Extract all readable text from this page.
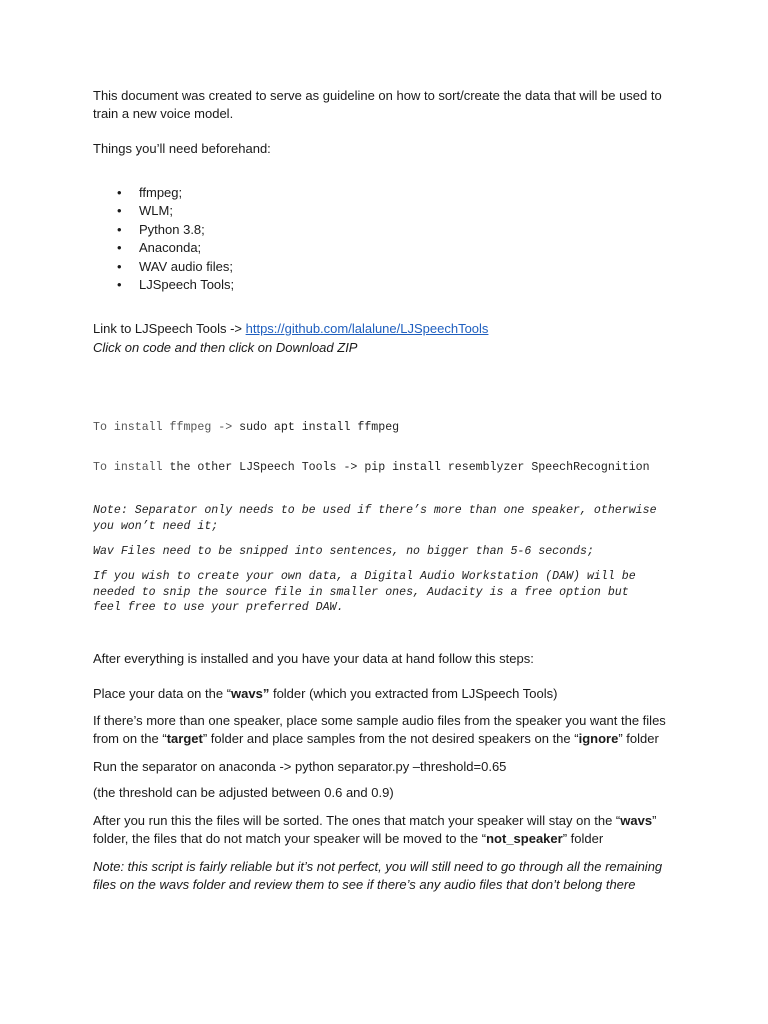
This document was created to serve as guideline on how to sort/create the data that will be used to
train a new voice model.

Things you’ll need beforehand:

• ffmpeg;
• WLM;
• Python 3.8;
• Anaconda;
• WAV audio files;
• LJSpeech Tools;

Link to LJSpeech Tools -> https://github.com/lalalune/LJSpeechTools

Click on code and then click on Download ZIP

To install ffmpeg -> sudo apt install ffmpeg

To install the other LJSpeech Tools -> pip install resemblyzer SpeechRecognition

Note: Separator only needs to be used if there’s more than one speaker, otherwise
you won’t need it;

Wav Files need to be snipped into sentences, no bigger than 5-6 seconds;

If you wish to create your own data, a Digital Audio Workstation (DAW) will be
needed to snip the source file in smaller ones, Audacity is a free option but
feel free to use your preferred DAW.

After everything is installed and you have your data at hand follow this steps:

Place your data on the “wavs” folder (which you extracted from LJSpeech Tools)

If there’s more than one speaker, place some sample audio files from the speaker you want the files
from on the “target” folder and place samples from the not desired speakers on the “ignore” folder

Run the separator on anaconda -> python separator.py –threshold=0.65

(the threshold can be adjusted between 0.6 and 0.9)

After you run this the files will be sorted. The ones that match your speaker will stay on the “wavs”
folder, the files that do not match your speaker will be moved to the “not_speaker” folder

Note: this script is fairly reliable but it’s not perfect, you will still need to go through all the remaining
files on the wavs folder and review them to see if there’s any audio files that don’t belong there
